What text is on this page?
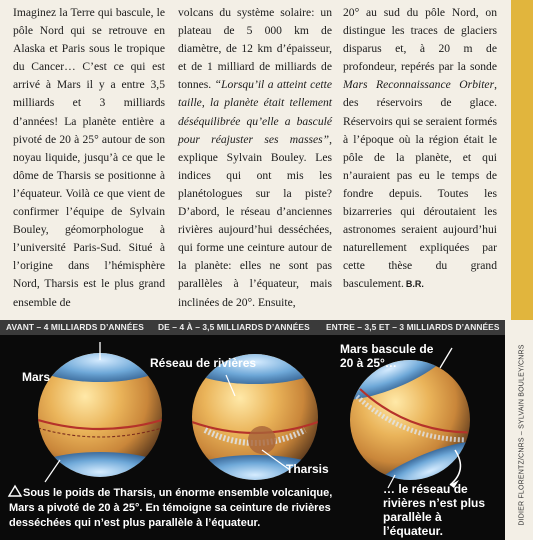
Imaginez la Terre qui bascule, le pôle Nord qui se retrouve en Alaska et Paris sous le tropique du Cancer… C’est ce qui est arrivé à Mars il y a entre 3,5 milliards et 3 milliards d’années! La planète entière a pivoté de 20 à 25° autour de son noyau liquide, jusqu’à ce que le dôme de Tharsis se positionne à l’équateur. Voilà ce que vient de confirmer l’équipe de Sylvain Bouley, géomorphologue à l’université Paris-Sud. Situé à l’origine dans l’hémisphère Nord, Tharsis est le plus grand ensemble de

volcans du système solaire: un plateau de 5 000 km de diamètre, de 12 km d’épaisseur, et de 1 milliard de milliards de tonnes. “Lorsqu’il a atteint cette taille, la planète était tellement déséquilibrée qu’elle a basculé pour réajuster ses masses”, explique Sylvain Bouley. Les indices qui ont mis les planétologues sur la piste? D’abord, le réseau d’anciennes rivières aujourd’hui desséchées, qui forme une ceinture autour de la planète: elles ne sont pas parallèles à l’équateur, mais inclinées de 20°. Ensuite,

20° au sud du pôle Nord, on distingue les traces de glaciers disparus et, à 20 m de profondeur, repérés par la sonde Mars Reconnaissance Orbiter, des réservoirs de glace. Réservoirs qui se seraient formés à l’époque où la région était le pôle de la planète, et qui n’auraient pas eu le temps de fondre depuis. Toutes les bizarreries qui déroutaient les astronomes seraient aujourd’hui naturellement expliquées par cette thèse du grand basculement. B.R.

AVANT – 4 MILLIARDS D’ANNÉES DE – 4 À – 3,5 MILLIARDS D’ANNÉES ENTRE – 3,5 ET – 3 MILLIARDS D’ANNÉES
Mars
Réseau de rivières
Tharsis
Mars bascule de 20 à 25°…
… le réseau de rivières n’est plus parallèle à l’équateur.
Sous le poids de Tharsis, un énorme ensemble volcanique, Mars a pivoté de 20 à 25°. En témoigne sa ceinture de rivières desséchées qui n’est plus parallèle à l’équateur.	DIDIER FLORENTZ/CNRS – SYLVAIN BOULEY/CNRS
